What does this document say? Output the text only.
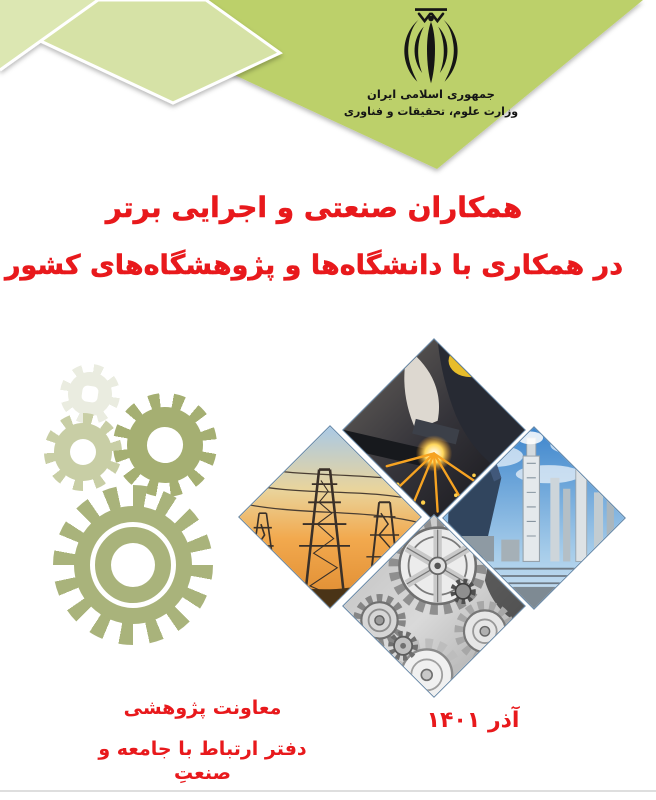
جمهوری اسلامی ایران
وزارت علوم، تحقیقات و فناوری
همکاران صنعتی و اجرایی برتر
در همکاری با دانشگاه‌ها و پژوهشگاه‌های کشور
معاونت پژوهشی
دفتر ارتباط با جامعه و صنعتِ
آذر ۱۴۰۱
